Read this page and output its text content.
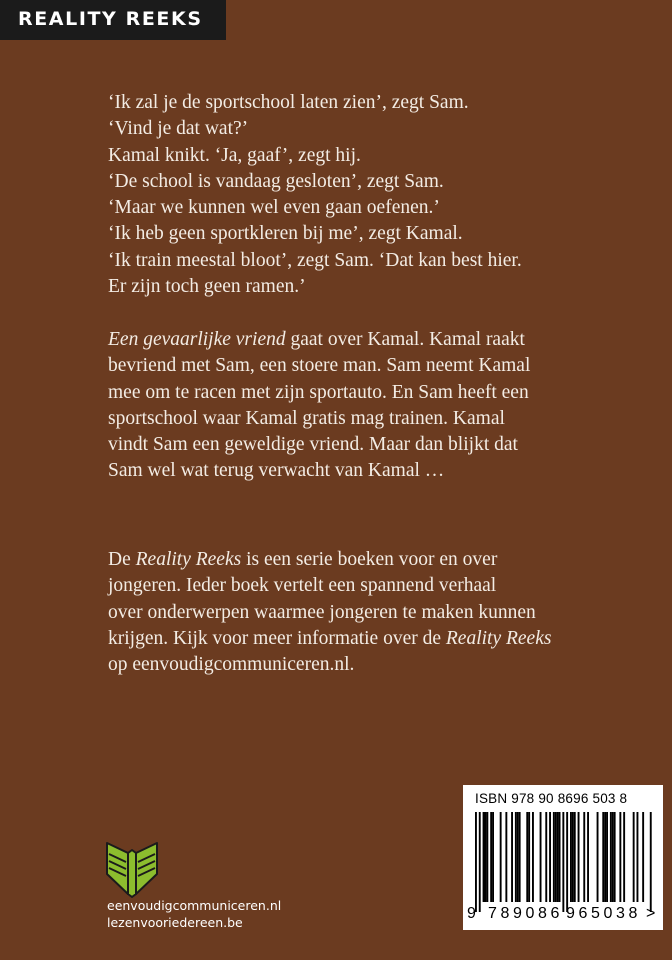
REALITY REEKS

‘Ik zal je de sportschool laten zien’, zegt Sam.

‘Vind je dat wat?’

Kamal knikt. ‘Ja, gaaf’, zegt hij.

‘De school is vandaag gesloten’, zegt Sam.

‘Maar we kunnen wel even gaan oefenen.’

‘Ik heb geen sportkleren bij me’, zegt Kamal.

‘Ik train meestal bloot’, zegt Sam. ‘Dat kan best hier.

Er zijn toch geen ramen.’

Een gevaarlijke vriend gaat over Kamal. Kamal raakt

bevriend met Sam, een stoere man. Sam neemt Kamal

mee om te racen met zijn sportauto. En Sam heeft een

sportschool waar Kamal gratis mag trainen. Kamal

vindt Sam een geweldige vriend. Maar dan blijkt dat

Sam wel wat terug verwacht van Kamal …

De Reality Reeks is een serie boeken voor en over

jongeren. Ieder boek vertelt een spannend verhaal

over onderwerpen waarmee jongeren te maken kunnen

krijgen. Kijk voor meer informatie over de Reality Reeks

op eenvoudigcommuniceren.nl.

eenvoudigcommuniceren.nl
lezenvooriedereen.be
ISBN 978 90 8696 503 8
9 789086 965038 >
